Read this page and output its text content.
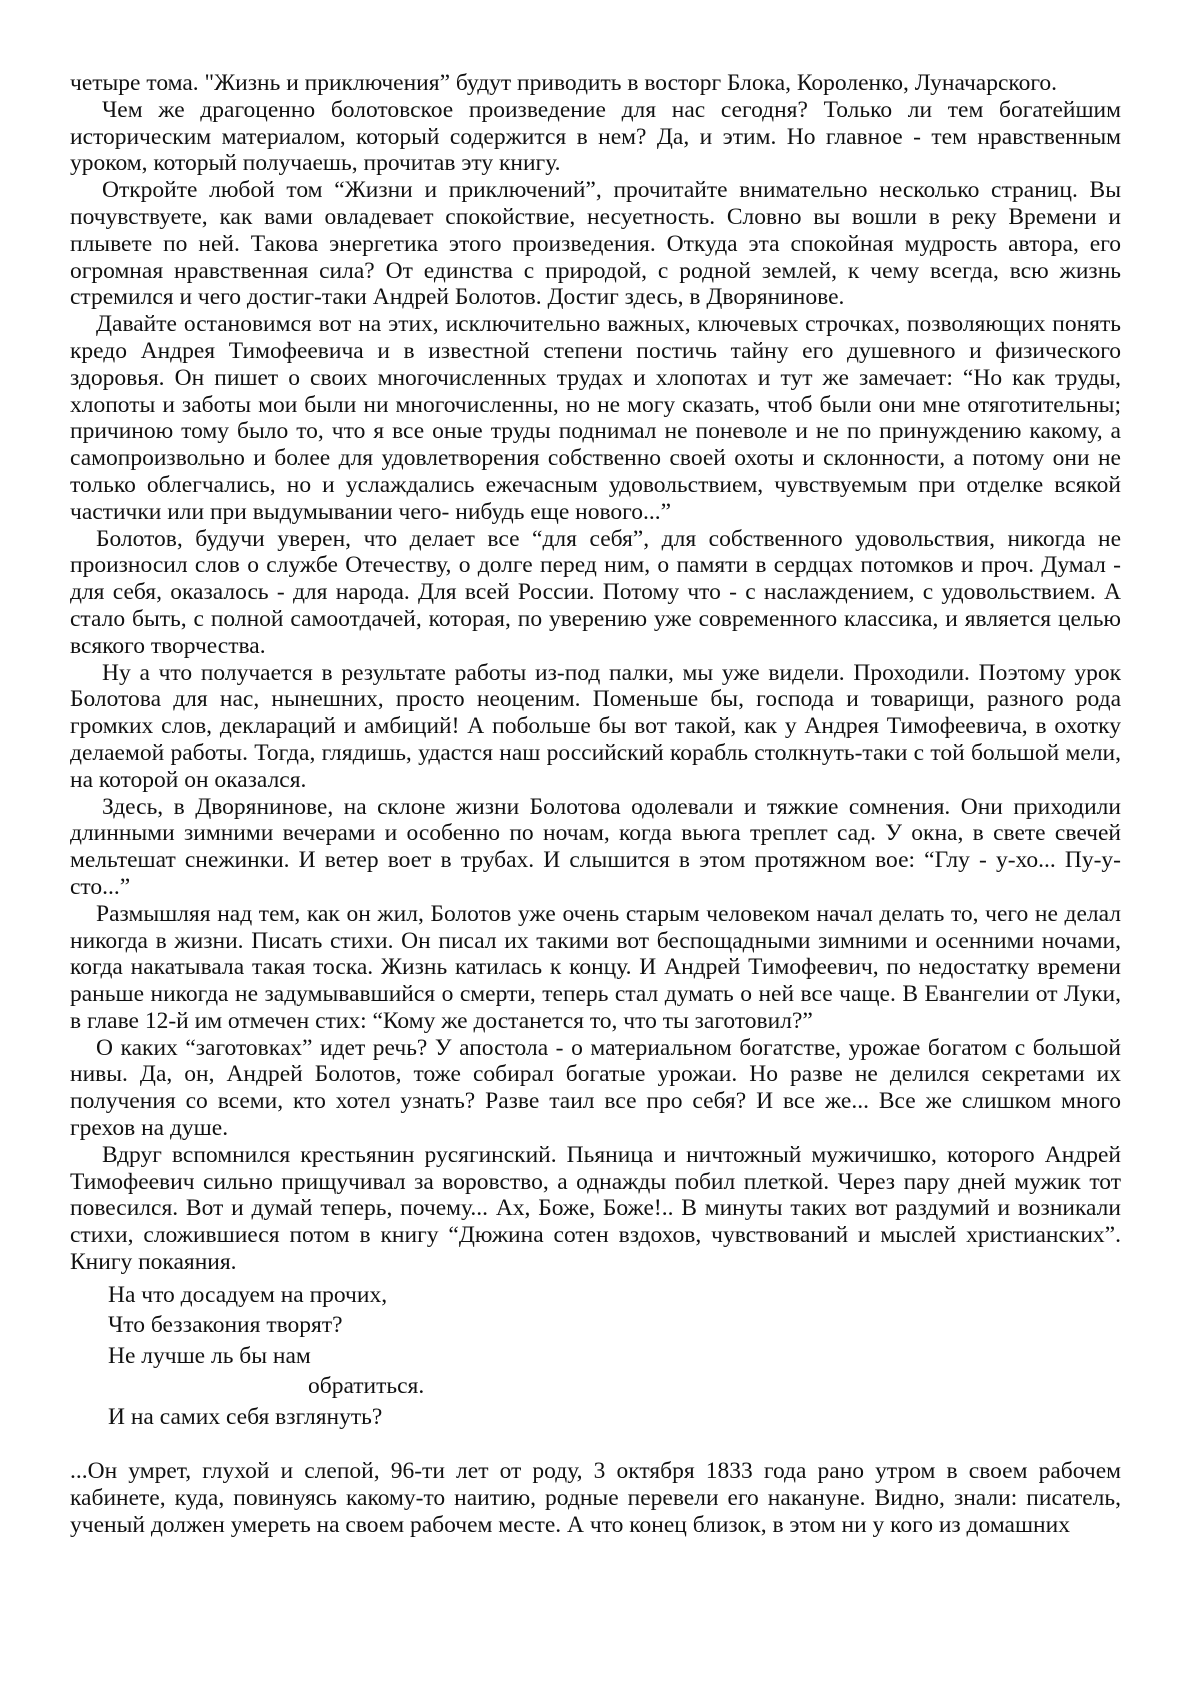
четыре тома. "Жизнь и приключения” будут приводить в восторг Блока, Короленко, Луначарского.

Чем же драгоценно болотовское произведение для нас сегодня? Только ли тем богатейшим историческим материалом, который содержится в нем? Да, и этим. Но главное - тем нравственным уроком, который получаешь, прочитав эту книгу.

Откройте любой том “Жизни и приключений”, прочитайте внимательно несколько страниц. Вы почувствуете, как вами овладевает спокойствие, несуетность. Словно вы вошли в реку Времени и плывете по ней. Такова энергетика этого произведения. Откуда эта спокойная мудрость автора, его огромная нравственная сила? От единства с природой, с родной землей, к чему всегда, всю жизнь стремился и чего достиг-таки Андрей Болотов. Достиг здесь, в Дворянинове.

Давайте остановимся вот на этих, исключительно важных, ключевых строчках, позволяющих понять кредо Андрея Тимофеевича и в известной степени постичь тайну его душевного и физического здоровья. Он пишет о своих многочисленных трудах и хлопотах и тут же замечает: “Но как труды, хлопоты и заботы мои были ни многочисленны, но не могу сказать, чтоб были они мне отяготительны; причиною тому было то, что я все оные труды поднимал не поневоле и не по принуждению какому, а самопроизвольно и более для удовлетворения собственно своей охоты и склонности, а потому они не только облегчались, но и услаждались ежечасным удовольствием, чувствуемым при отделке всякой частички или при выдумывании чего- нибудь еще нового...”

Болотов, будучи уверен, что делает все “для себя”, для собственного удовольствия, никогда не произносил слов о службе Отечеству, о долге перед ним, о памяти в сердцах потомков и проч. Думал - для себя, оказалось - для народа. Для всей России. Потому что - с наслаждением, с удовольствием. А стало быть, с полной самоотдачей, которая, по уверению уже современного классика, и является целью всякого творчества.

Ну а что получается в результате работы из-под палки, мы уже видели. Проходили. Поэтому урок Болотова для нас, нынешних, просто неоценим. Поменьше бы, господа и товарищи, разного рода громких слов, деклараций и амбиций! А побольше бы вот такой, как у Андрея Тимофеевича, в охотку делаемой работы. Тогда, глядишь, удастся наш российский корабль столкнуть-таки с той большой мели, на которой он оказался.

Здесь, в Дворянинове, на склоне жизни Болотова одолевали и тяжкие сомнения. Они приходили длинными зимними вечерами и особенно по ночам, когда вьюга треплет сад. У окна, в свете свечей мельтешат снежинки. И ветер воет в трубах. И слышится в этом протяжном вое: “Глу - у-хо... Пу-у-сто...”

Размышляя над тем, как он жил, Болотов уже очень старым человеком начал делать то, чего не делал никогда в жизни. Писать стихи. Он писал их такими вот беспощадными зимними и осенними ночами, когда накатывала такая тоска. Жизнь катилась к концу. И Андрей Тимофеевич, по недостатку времени раньше никогда не задумывавшийся о смерти, теперь стал думать о ней все чаще. В Евангелии от Луки, в главе 12-й им отмечен стих: “Кому же достанется то, что ты заготовил?”

О каких “заготовках” идет речь? У апостола - о материальном богатстве, урожае богатом с большой нивы. Да, он, Андрей Болотов, тоже собирал богатые урожаи. Но разве не делился секретами их получения со всеми, кто хотел узнать? Разве таил все про себя? И все же... Все же слишком много грехов на душе.

Вдруг вспомнился крестьянин русягинский. Пьяница и ничтожный мужичишко, которого Андрей Тимофеевич сильно прищучивал за воровство, а однажды побил плеткой. Через пару дней мужик тот повесился. Вот и думай теперь, почему... Ах, Боже, Боже!.. В минуты таких вот раздумий и возникали стихи, сложившиеся потом в книгу “Дюжина сотен вздохов, чувствований и мыслей христианских”. Книгу покаяния.

На что досадуем на прочих,
Что беззакония творят?
Не лучше ль бы нам
обратиться.
И на самих себя взглянуть?

...Он умрет, глухой и слепой, 96-ти лет от роду, 3 октября 1833 года рано утром в своем рабочем кабинете, куда, повинуясь какому-то наитию, родные перевели его накануне. Видно, знали: писатель, ученый должен умереть на своем рабочем месте. А что конец близок, в этом ни у кого из домашних
